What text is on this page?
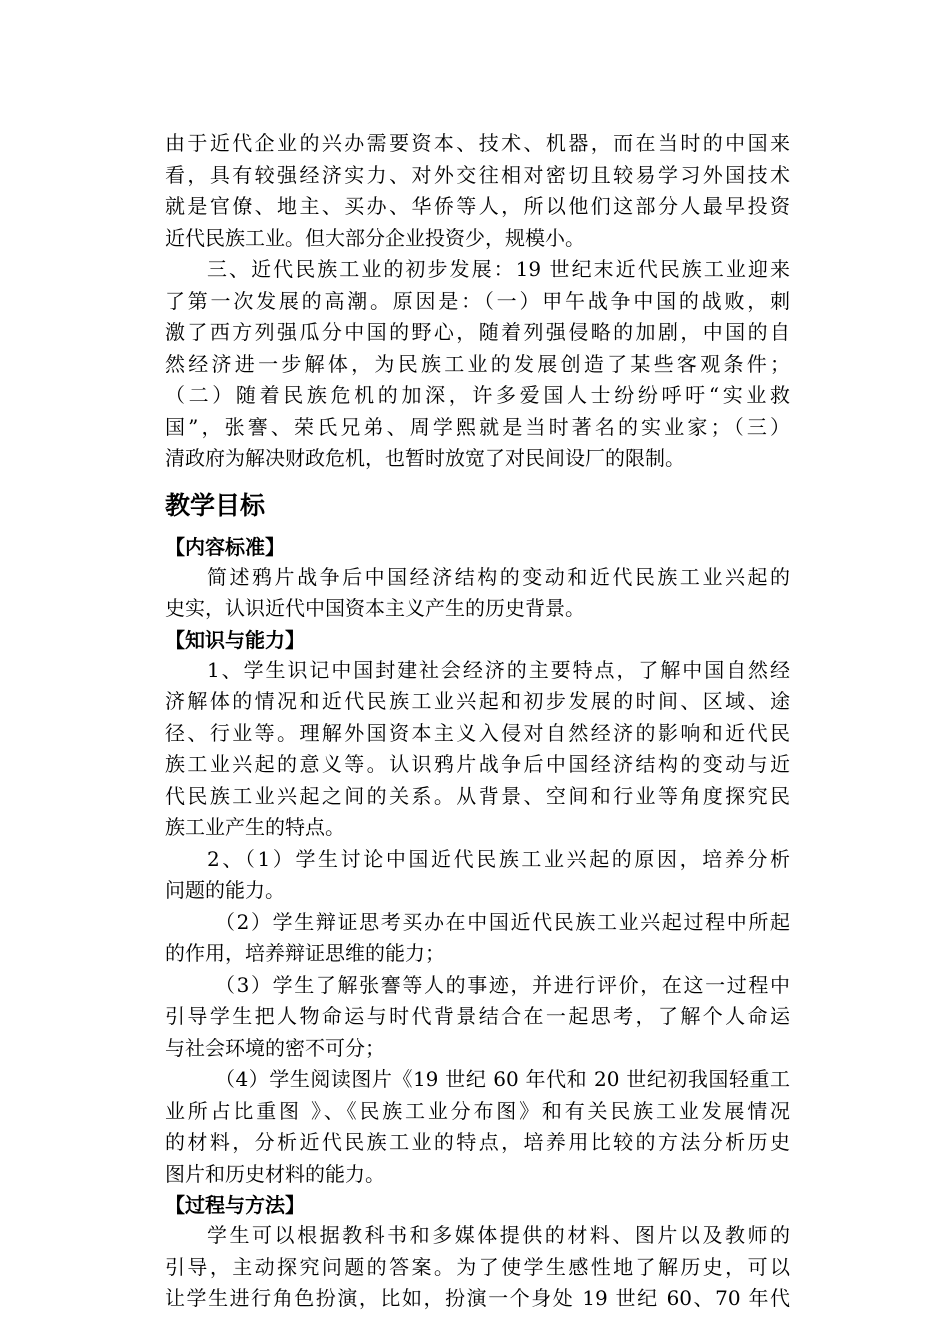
由于近代企业的兴办需要资本、技术、机器，而在当时的中国来
看，具有较强经济实力、对外交往相对密切且较易学习外国技术
就是官僚、地主、买办、华侨等人，所以他们这部分人最早投资
近代民族工业。但大部分企业投资少，规模小。
三、近代民族工业的初步发展：19 世纪末近代民族工业迎来
了第一次发展的高潮。原因是：（一）甲午战争中国的战败，刺
激了西方列强瓜分中国的野心，随着列强侵略的加剧，中国的自
然经济进一步解体，为民族工业的发展创造了某些客观条件；
（二）随着民族危机的加深，许多爱国人士纷纷呼吁“实业救
国”，张謇、荣氏兄弟、周学熙就是当时著名的实业家；（三）
清政府为解决财政危机，也暂时放宽了对民间设厂的限制。
教学目标
【内容标准】
简述鸦片战争后中国经济结构的变动和近代民族工业兴起的
史实，认识近代中国资本主义产生的历史背景。
【知识与能力】
1、学生识记中国封建社会经济的主要特点，了解中国自然经
济解体的情况和近代民族工业兴起和初步发展的时间、区域、途
径、行业等。理解外国资本主义入侵对自然经济的影响和近代民
族工业兴起的意义等。认识鸦片战争后中国经济结构的变动与近
代民族工业兴起之间的关系。从背景、空间和行业等角度探究民
族工业产生的特点。
2、（1）学生讨论中国近代民族工业兴起的原因，培养分析
问题的能力。
（2）学生辩证思考买办在中国近代民族工业兴起过程中所起
的作用，培养辩证思维的能力；
（3）学生了解张謇等人的事迹，并进行评价，在这一过程中
引导学生把人物命运与时代背景结合在一起思考，了解个人命运
与社会环境的密不可分；
（4）学生阅读图片《19 世纪 60 年代和 20 世纪初我国轻重工
业所占比重图 》、《民族工业分布图》和有关民族工业发展情况
的材料，分析近代民族工业的特点，培养用比较的方法分析历史
图片和历史材料的能力。
【过程与方法】
学生可以根据教科书和多媒体提供的材料、图片以及教师的
引导，主动探究问题的答案。为了使学生感性地了解历史，可以
让学生进行角色扮演，比如，扮演一个身处 19 世纪 60、70 年代
